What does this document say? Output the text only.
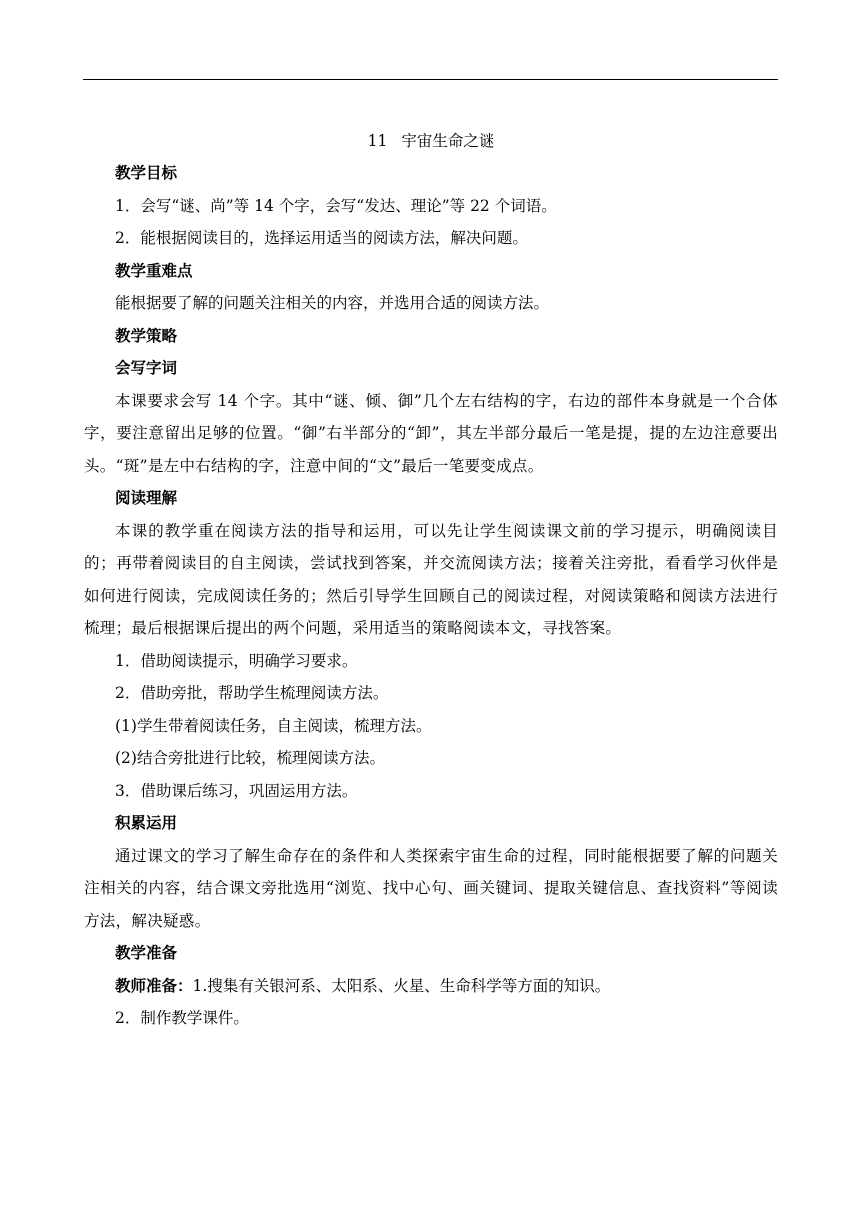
11 宇宙生命之谜

教学目标

1．会写“谜、尚”等 14 个字，会写“发达、理论”等 22 个词语。

2．能根据阅读目的，选择运用适当的阅读方法，解决问题。

教学重难点

能根据要了解的问题关注相关的内容，并选用合适的阅读方法。

教学策略

会写字词

本课要求会写 14 个字。其中“谜、倾、御”几个左右结构的字，右边的部件本身就是一个合体字，要注意留出足够的位置。“御”右半部分的“卸”，其左半部分最后一笔是提，提的左边注意要出头。“斑”是左中右结构的字，注意中间的“文”最后一笔要变成点。

阅读理解

本课的教学重在阅读方法的指导和运用，可以先让学生阅读课文前的学习提示，明确阅读目的；再带着阅读目的自主阅读，尝试找到答案，并交流阅读方法；接着关注旁批，看看学习伙伴是如何进行阅读，完成阅读任务的；然后引导学生回顾自己的阅读过程，对阅读策略和阅读方法进行梳理；最后根据课后提出的两个问题，采用适当的策略阅读本文，寻找答案。

1．借助阅读提示，明确学习要求。

2．借助旁批，帮助学生梳理阅读方法。

(1)学生带着阅读任务，自主阅读，梳理方法。

(2)结合旁批进行比较，梳理阅读方法。

3．借助课后练习，巩固运用方法。

积累运用

通过课文的学习了解生命存在的条件和人类探索宇宙生命的过程，同时能根据要了解的问题关注相关的内容，结合课文旁批选用“浏览、找中心句、画关键词、提取关键信息、查找资料”等阅读方法，解决疑惑。

教学准备

教师准备：1.搜集有关银河系、太阳系、火星、生命科学等方面的知识。

2．制作教学课件。
